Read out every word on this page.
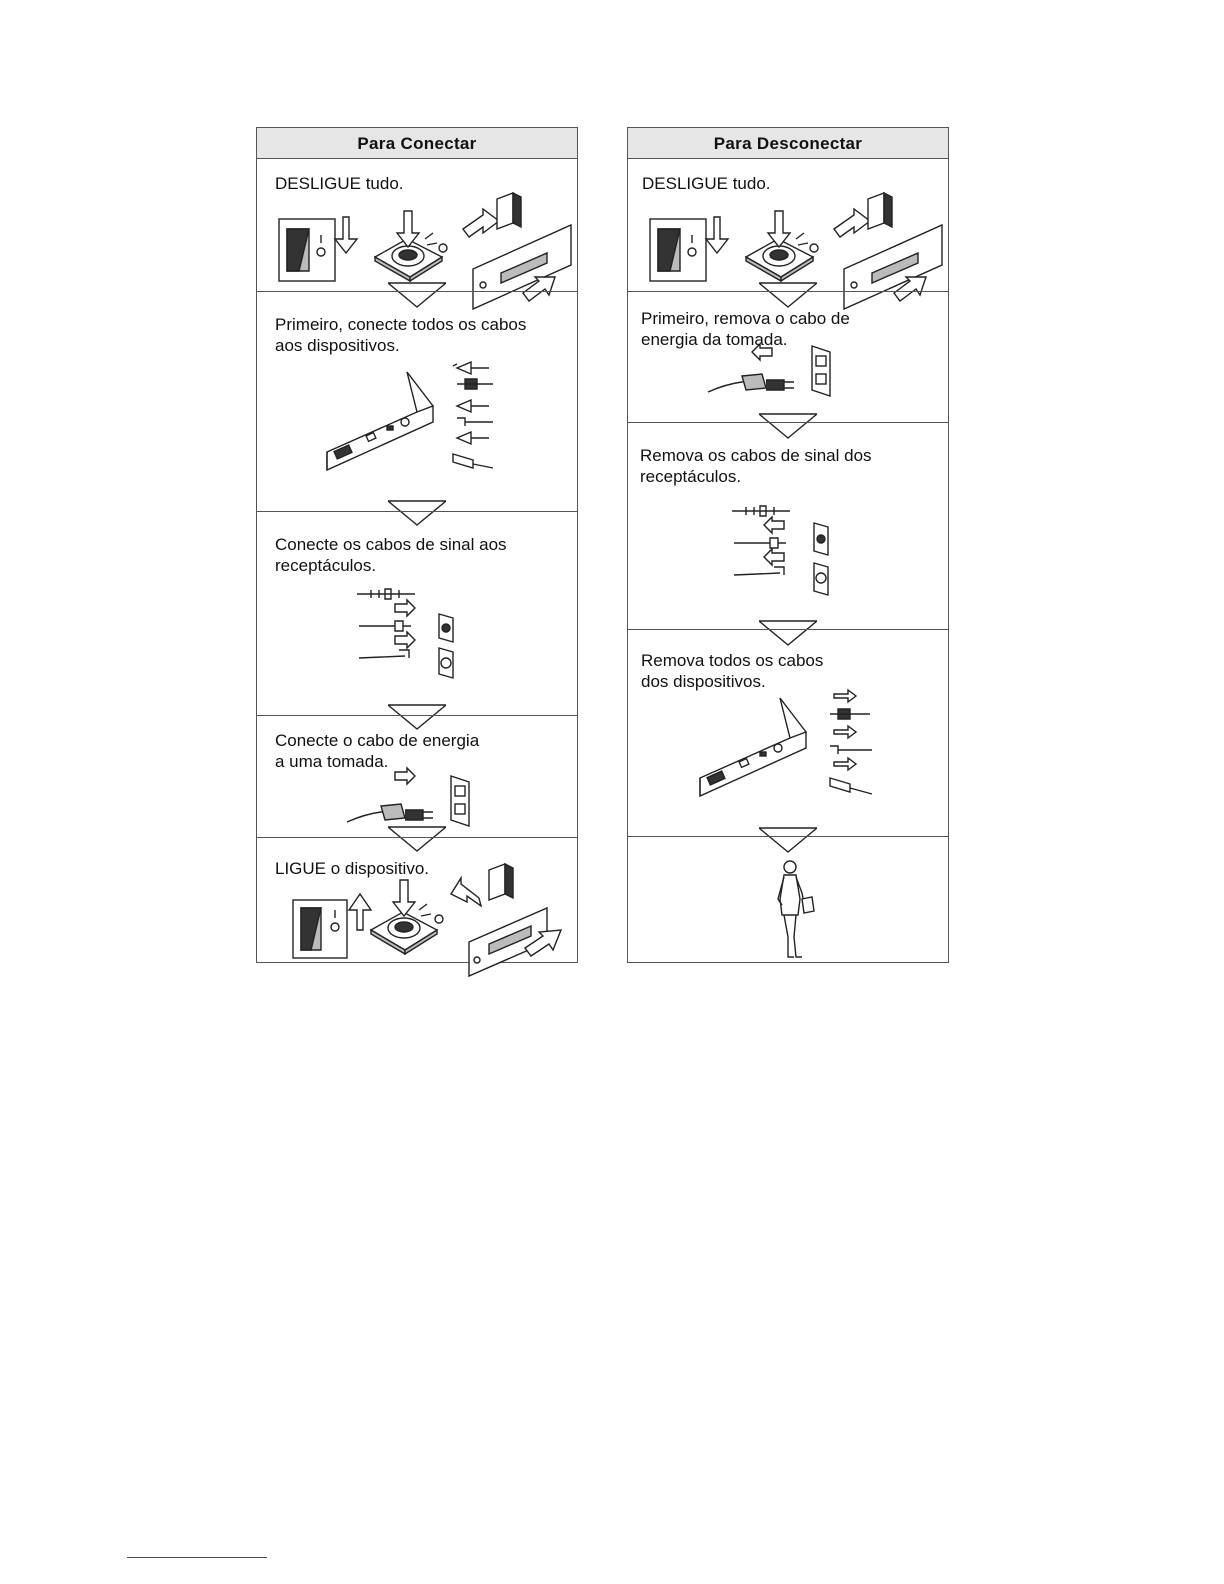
Para Conectar
DESLIGUE tudo.
Primeiro, conecte todos os cabos
aos dispositivos.
Conecte os cabos de sinal aos
receptáculos.
Conecte o cabo de energia
a uma tomada.
LIGUE o dispositivo.
Para Desconectar
DESLIGUE tudo.
Primeiro, remova o cabo de
energia da tomada.
Remova os cabos de sinal dos
receptáculos.
Remova todos os cabos
dos dispositivos.
